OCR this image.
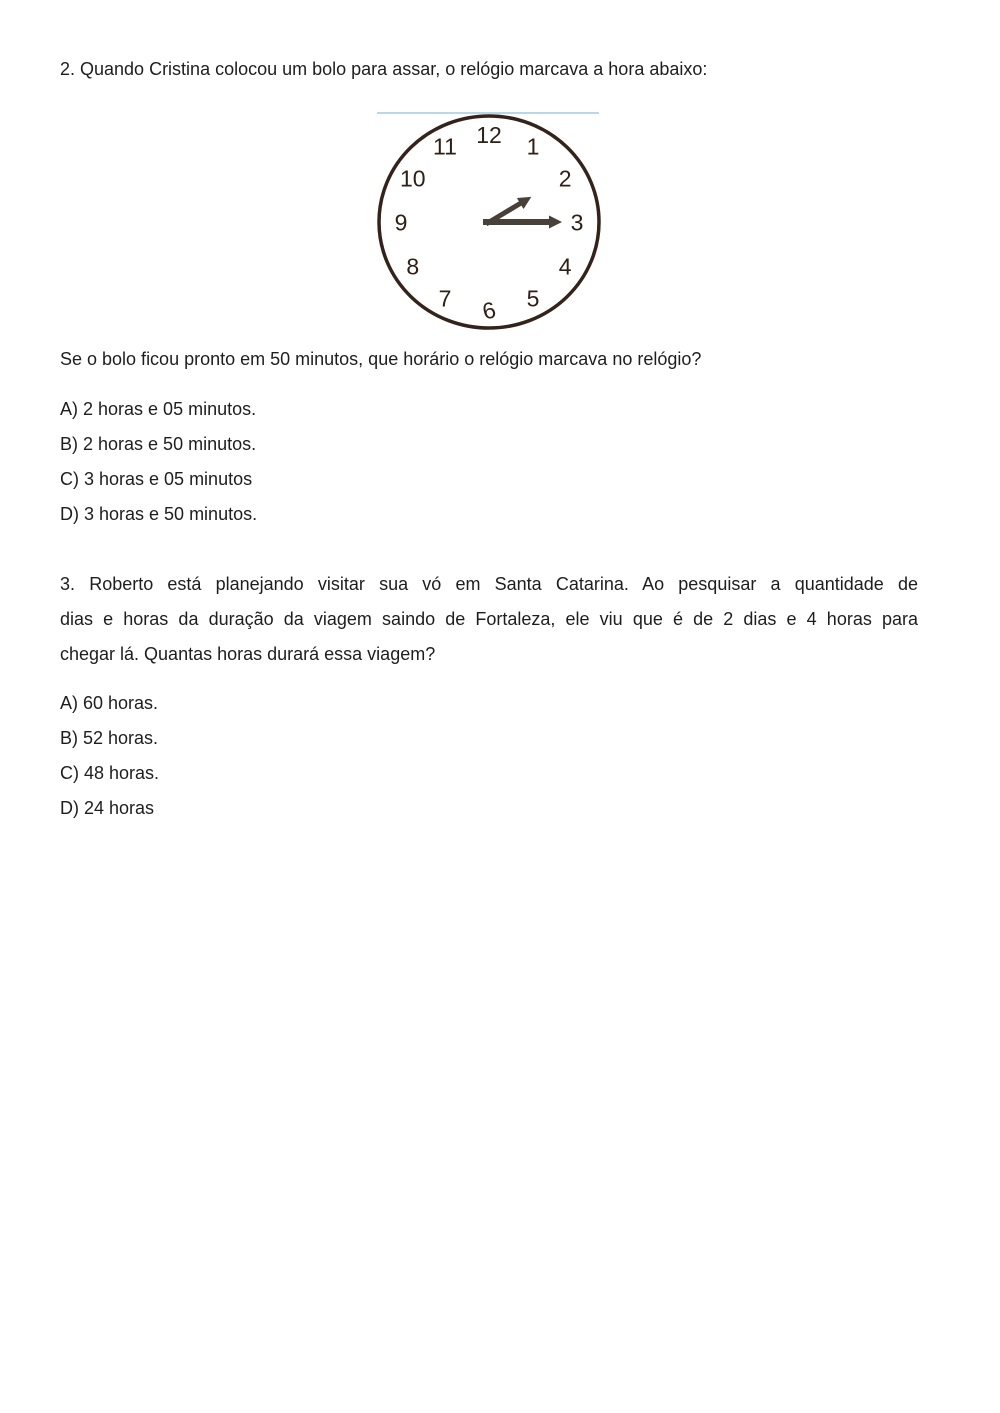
2. Quando Cristina colocou um bolo para assar, o relógio marcava a hora abaixo:
12 1
2
3
4
5
6
7
8
9
10
11
Se o bolo ficou pronto em 50 minutos, que horário o relógio marcava no relógio?
A) 2 horas e 05 minutos.
B) 2 horas e 50 minutos.
C) 3 horas e 05 minutos
D) 3 horas e 50 minutos.
3. Roberto está planejando visitar sua vó em Santa Catarina. Ao pesquisar a quantidade de
dias e horas da duração da viagem saindo de Fortaleza, ele viu que é de 2 dias e 4 horas para
chegar lá. Quantas horas durará essa viagem?
A) 60 horas.
B) 52 horas.
C) 48 horas.
D) 24 horas
